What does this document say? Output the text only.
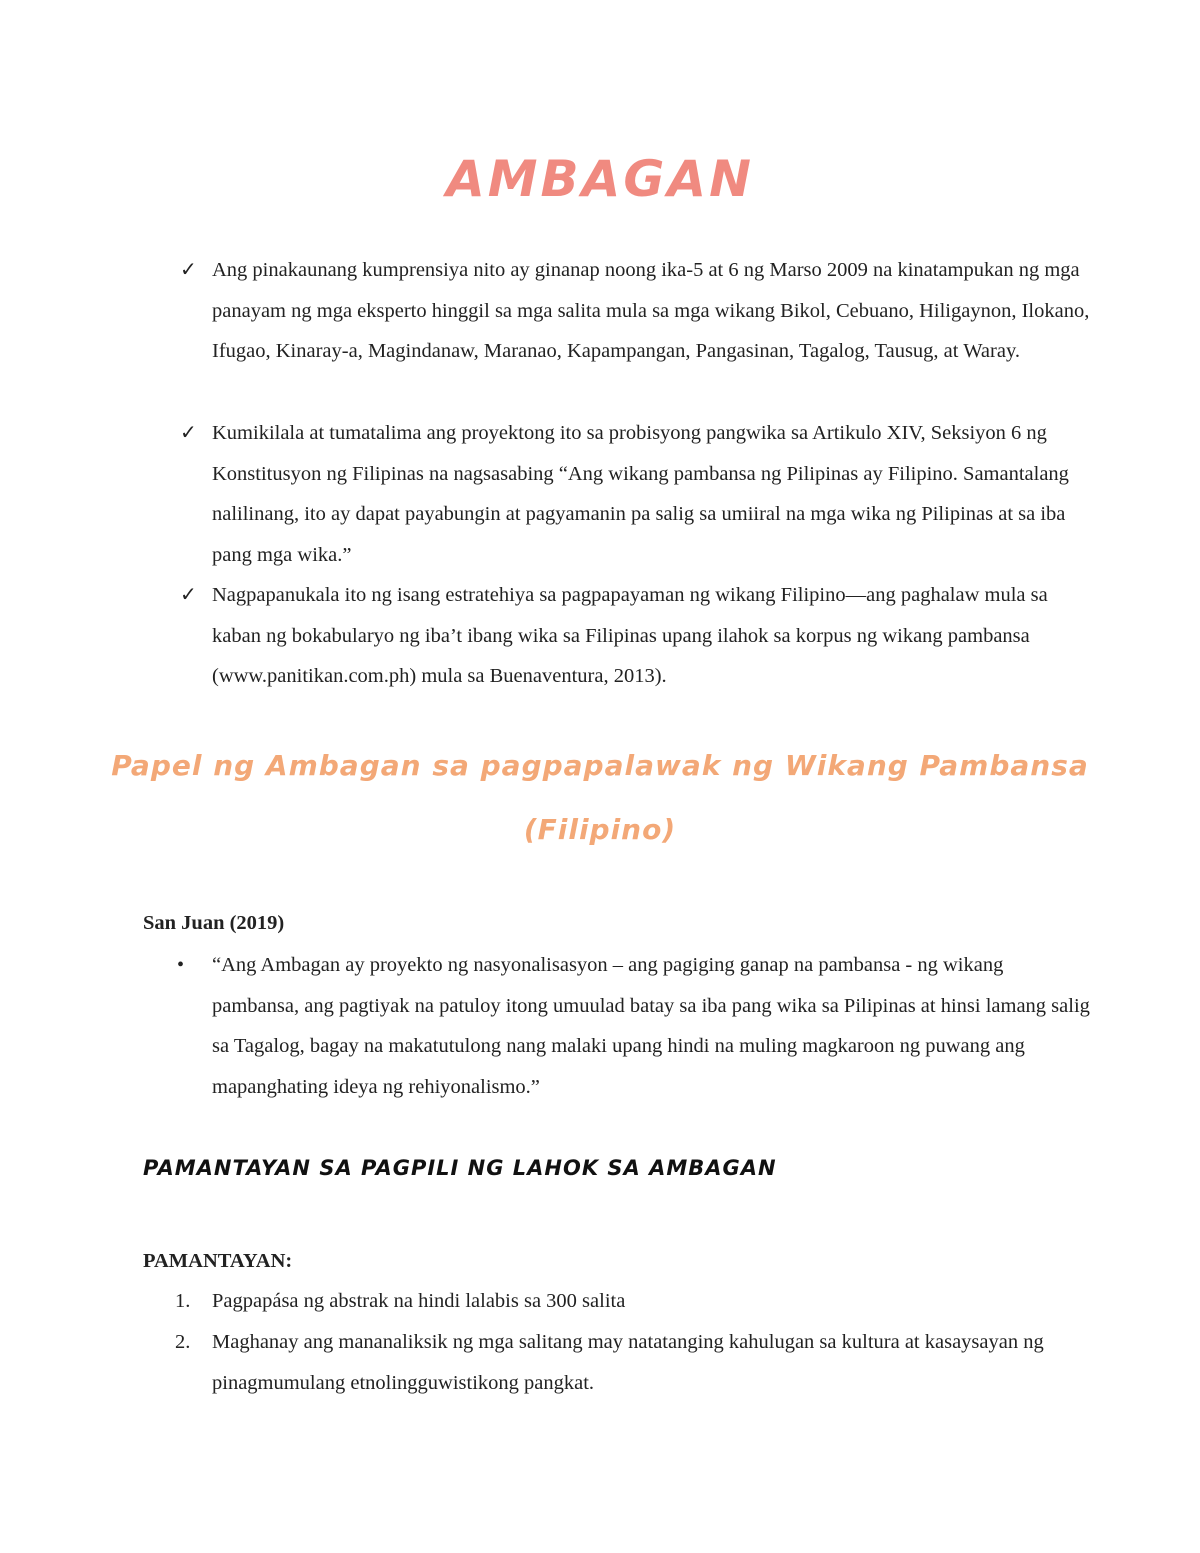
AMBAGAN
✓ Ang pinakaunang kumprensiya nito ay ginanap noong ika-5 at 6 ng Marso 2009 na kinatampukan ng mga panayam ng mga eksperto hinggil sa mga salita mula sa mga wikang Bikol, Cebuano, Hiligaynon, Ilokano, Ifugao, Kinaray-a, Magindanaw, Maranao, Kapampangan, Pangasinan, Tagalog, Tausug, at Waray.

✓ Kumikilala at tumatalima ang proyektong ito sa probisyong pangwika sa Artikulo XIV, Seksiyon 6 ng Konstitusyon ng Filipinas na nagsasabing “Ang wikang pambansa ng Pilipinas ay Filipino. Samantalang nalilinang, ito ay dapat payabungin at pagyamanin pa salig sa umiiral na mga wika ng Pilipinas at sa iba pang mga wika.”

✓ Nagpapanukala ito ng isang estratehiya sa pagpapayaman ng wikang Filipino—ang paghalaw mula sa kaban ng bokabularyo ng iba’t ibang wika sa Filipinas upang ilahok sa korpus ng wikang pambansa (www.panitikan.com.ph) mula sa Buenaventura, 2013).

Papel ng Ambagan sa pagpapalawak ng Wikang Pambansa
(Filipino)
San Juan (2019)
• “Ang Ambagan ay proyekto ng nasyonalisasyon – ang pagiging ganap na pambansa - ng wikang pambansa, ang pagtiyak na patuloy itong umuulad batay sa iba pang wika sa Pilipinas at hinsi lamang salig sa Tagalog, bagay na makatutulong nang malaki upang hindi na muling magkaroon ng puwang ang mapanghating ideya ng rehiyonalismo.”

PAMANTAYAN SA PAGPILI NG LAHOK SA AMBAGAN
PAMANTAYAN:
1. Pagpapása ng abstrak na hindi lalabis sa 300 salita

2. Maghanay ang mananaliksik ng mga salitang may natatanging kahulugan sa kultura at kasaysayan ng pinagmumulang etnolingguwistikong pangkat.
